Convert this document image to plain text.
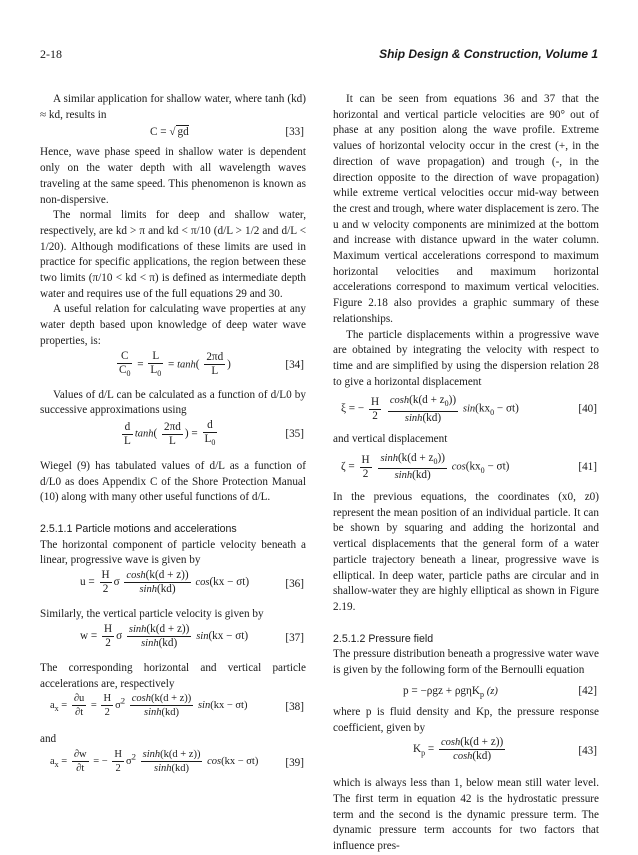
2-18	Ship Design & Construction, Volume 1

A similar application for shallow water, where tanh (kd) ≈ kd, results in

C = √ gd	[33]

Hence, wave phase speed in shallow water is dependent only on the water depth with all wavelength waves traveling at the same speed. This phenomenon is known as non-dispersive.

The normal limits for deep and shallow water, respectively, are kd > π and kd < π/10 (d/L > 1/2 and d/L < 1/20). Although modifications of these limits are used in practice for specific applications, the region between these two limits (π/10 < kd < π) is defined as intermediate depth water and requires use of the full equations 29 and 30.

A useful relation for calculating wave properties at any water depth based upon knowledge of deep water wave properties, is:

$\frac{C}{C_0} = \frac{L}{L_0} = \tanh( \frac{2\pi d}{L}$ )	[34]

Values of d/L can be calculated as a function of d/L0 by successive approximations using

$\frac{d}{L} \tanh( \frac{2\pi d}{L}$ ) = $\frac{d}{L_0}$	[35]

Wiegel (9) has tabulated values of d/L as a function of d/L0 as does Appendix C of the Shore Protection Manual (10) along with many other useful functions of d/L.

2.5.1.1 Particle motions and accelerations

The horizontal component of particle velocity beneath a linear, progressive wave is given by

$u = \frac{H}{2}$ σ $\frac{\cosh(k(d + z))}{\sinh(kd)} \cos(kx - \sigma t)$	[36]

Similarly, the vertical particle velocity is given by

$w = \frac{H}{2}$ σ $\frac{\sinh(k(d + z))}{\sinh(kd)} \sin(kx - \sigma t)$	[37]

The corresponding horizontal and vertical particle accelerations are, respectively

$a_x = \frac{\partial u}{\partial t} = \frac{H}{2} \sigma^2 \frac{\cosh(k(d + z))}{\sinh(kd)} \sin(kx - \sigma t)$	[38]

and

$a_x = \frac{\partial w}{\partial t}$ = − $\frac{H}{2} \sigma^2 \frac{\sinh(k(d + z))}{\sinh(kd)} \cos(kx - \sigma t)$ [39]

It can be seen from equations 36 and 37 that the horizontal and vertical particle velocities are 90° out of phase at any position along the wave profile. Extreme values of horizontal velocity occur in the crest (+, in the direction of wave propagation) and trough (-, in the direction opposite to the direction of wave propagation) while extreme vertical velocities occur mid-way between the crest and trough, where water displacement is zero. The u and w velocity components are minimized at the bottom and increase with distance upward in the water column. Maximum vertical accelerations correspond to maximum horizontal velocities and maximum horizontal accelerations correspond to maximum vertical velocities. Figure 2.18 also provides a graphic summary of these relationships.

The particle displacements within a progressive wave are obtained by integrating the velocity with respect to time and are simplified by using the dispersion relation 28 to give a horizontal displacement

ξ = − $\frac{H}{2}$
$\frac{\cosh(k(d + z_0))}{\sinh(kd)} \sin(kx_0 - \sigma t)$	[40]

and vertical displacement

$\zeta = \frac{H}{2}$
$\frac{\sinh(k(d + z_0))}{\sinh(kd)} \cos(kx_0 - \sigma t)$	[41]

In the previous equations, the coordinates (x0, z0) represent the mean position of an individual particle. It can be shown by squaring and adding the horizontal and vertical displacements that the general form of a water particle trajectory beneath a linear, progressive wave is elliptical. In deep water, particle paths are circular and in shallow-water they are highly elliptical as shown in Figure 2.19.

2.5.1.2 Pressure field

The pressure distribution beneath a progressive water wave is given by the following form of the Bernoulli equation

p = −ρgz + ρgηK$_p$ (z)	[42]

where p is fluid density and Kp, the pressure response coefficient, given by

$K_p = \frac{\cosh(k(d + z))}{\cosh(kd)}$	[43]

which is always less than 1, below mean still water level. The first term in equation 42 is the hydrostatic pressure term and the second is the dynamic pressure term. The dynamic pressure term accounts for two factors that influence pres-
